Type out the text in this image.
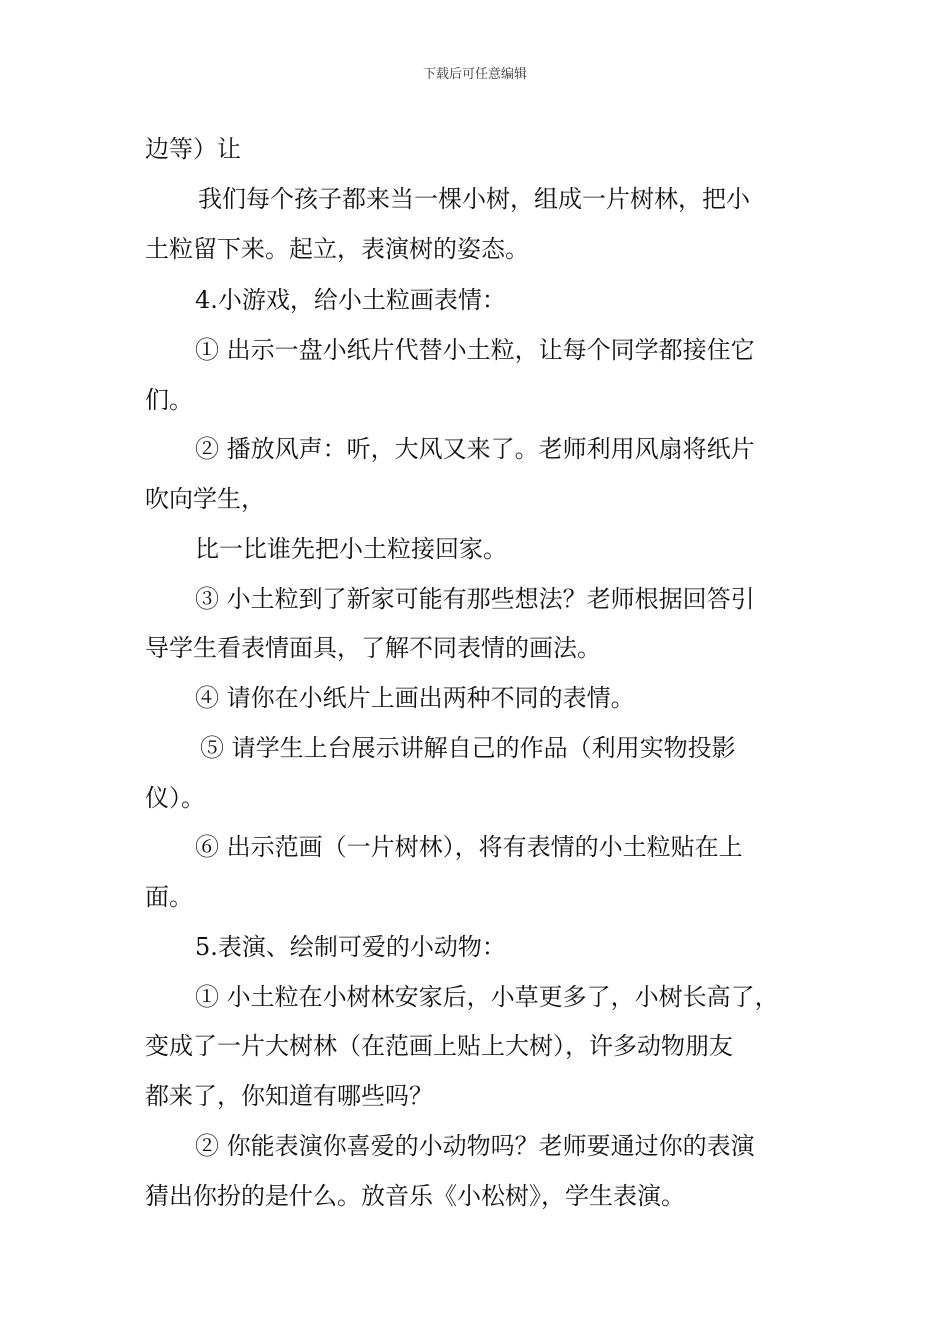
下载后可任意编辑
边等）让
我们每个孩子都来当一棵小树，组成一片树林，把小
土粒留下来。起立，表演树的姿态。
4.小游戏，给小土粒画表情：
① 出示一盘小纸片代替小土粒，让每个同学都接住它
们。
② 播放风声：听，大风又来了。老师利用风扇将纸片
吹向学生，
比一比谁先把小土粒接回家。
③ 小土粒到了新家可能有那些想法？老师根据回答引
导学生看表情面具，了解不同表情的画法。
④ 请你在小纸片上画出两种不同的表情。
⑤ 请学生上台展示讲解自己的作品（利用实物投影
仪）。
⑥ 出示范画（一片树林），将有表情的小土粒贴在上
面。
5.表演、绘制可爱的小动物：
① 小土粒在小树林安家后，小草更多了，小树长高了，
变成了一片大树林（在范画上贴上大树），许多动物朋友
都来了，你知道有哪些吗？
② 你能表演你喜爱的小动物吗？老师要通过你的表演
猜出你扮的是什么。放音乐《小松树》，学生表演。
